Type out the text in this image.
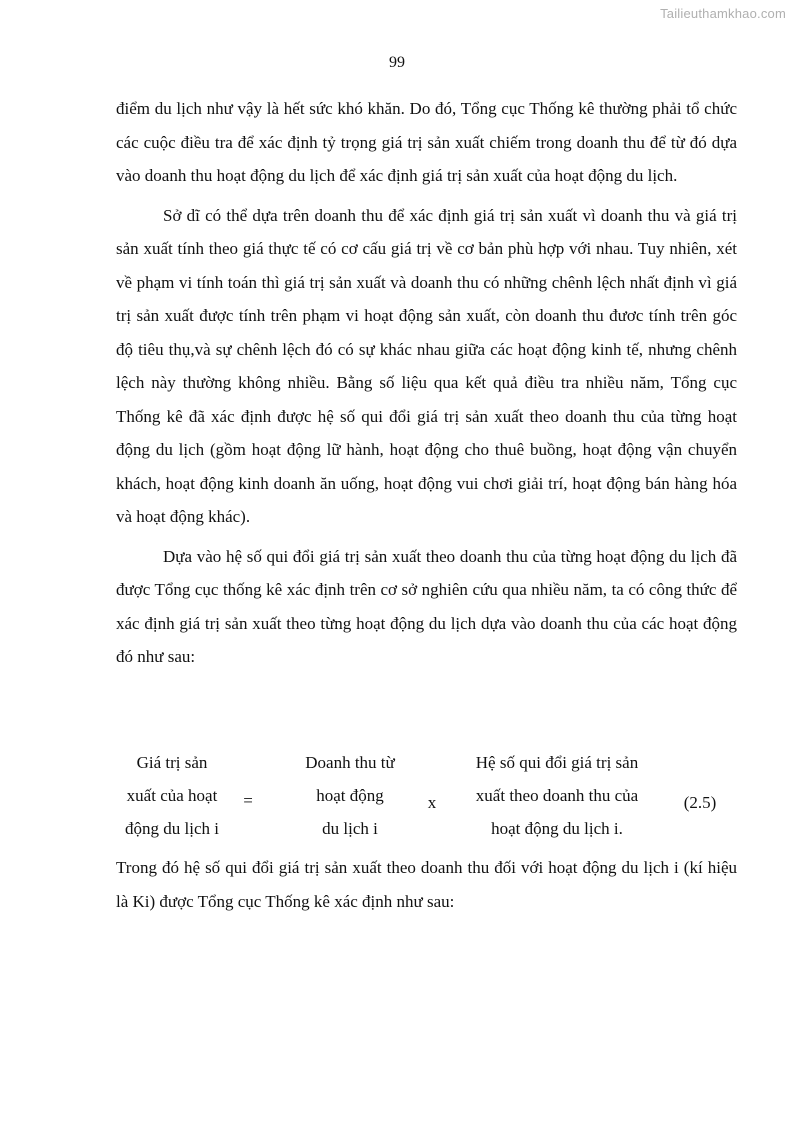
Tailieuthamkhao.com
99

điểm du lịch như vậy là hết sức khó khăn. Do đó, Tổng cục Thống kê thường phải tổ chức các cuộc điều tra để xác định tỷ trọng giá trị sản xuất chiếm trong doanh thu để từ đó dựa vào doanh thu hoạt động du lịch để xác định giá trị sản xuất của hoạt động du lịch.

Sở dĩ có thể dựa trên doanh thu để xác định giá trị sản xuất vì doanh thu và giá trị sản xuất tính theo giá thực tế có cơ cấu giá trị về cơ bản phù hợp với nhau. Tuy nhiên, xét về phạm vi tính toán thì giá trị sản xuất và doanh thu có những chênh lệch nhất định vì giá trị sản xuất được tính trên phạm vi hoạt động sản xuất, còn doanh thu đươc tính trên góc độ tiêu thụ,và sự chênh lệch đó có sự khác nhau giữa các hoạt động kinh tế, nhưng chênh lệch này thường không nhiều. Bằng số liệu qua kết quả điều tra nhiều năm, Tổng cục Thống kê đã xác định được hệ số qui đổi giá trị sản xuất theo doanh thu của từng hoạt động du lịch (gồm hoạt động lữ hành, hoạt động cho thuê buồng, hoạt động vận chuyển khách, hoạt động kinh doanh ăn uống, hoạt động vui chơi giải trí, hoạt động bán hàng hóa và hoạt động khác).

Dựa vào hệ số qui đổi giá trị sản xuất theo doanh thu của từng hoạt động du lịch đã được Tổng cục thống kê xác định trên cơ sở nghiên cứu qua nhiều năm, ta có công thức để xác định giá trị sản xuất theo từng hoạt động du lịch dựa vào doanh thu của các hoạt động đó như sau:

Giá trị sản
xuất của hoạt
động du lịch i
=
Doanh thu từ
hoạt động
du lịch i
x
Hệ số qui đổi giá trị sản
xuất theo doanh thu của
hoạt động du lịch i.
(2.5)

Trong đó hệ số qui đổi giá trị sản xuất theo doanh thu đối với hoạt động du lịch i (kí hiệu là Ki) được Tổng cục Thống kê xác định như sau:
